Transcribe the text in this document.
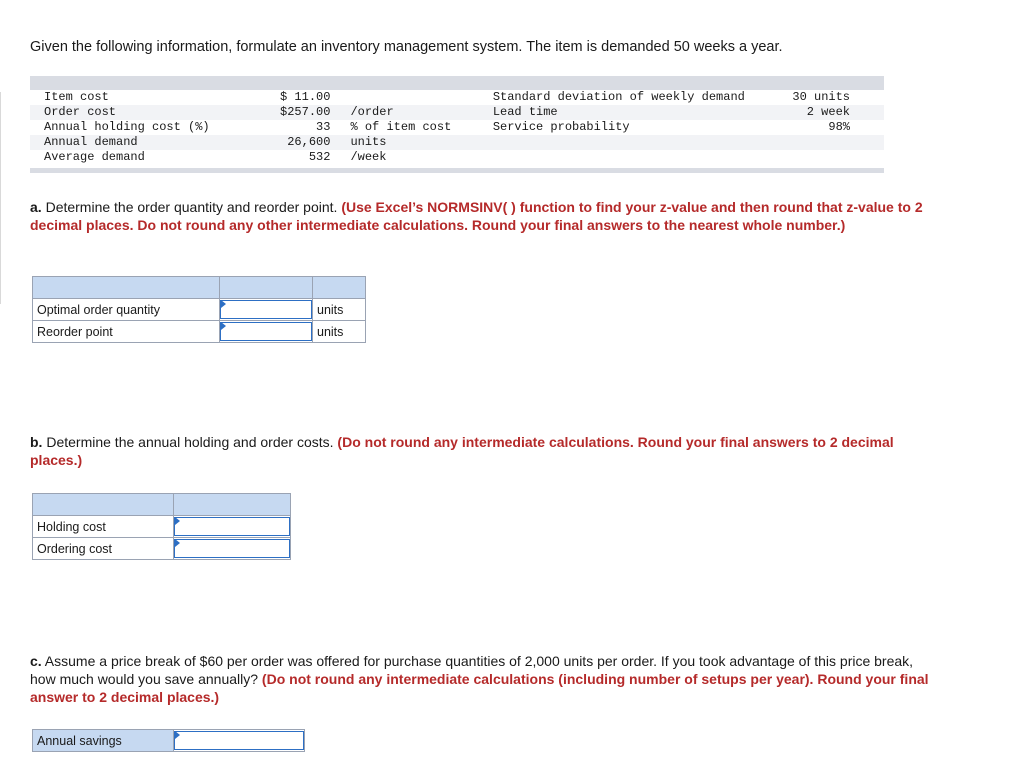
Given the following information, formulate an inventory management system. The item is demanded 50 weeks a year.
Item cost	$ 11.00		Standard deviation of weekly demand	30 units
Order cost	$257.00	/order	Lead time	2 week
Annual holding cost (%)	33	% of item cost	Service probability	98%
Annual demand	26,600	units		
Average demand	532	/week		
a. Determine the order quantity and reorder point. (Use Excel’s NORMSINV( ) function to find your z-value and then round that z-value to 2 decimal places. Do not round any other intermediate calculations. Round your final answers to the nearest whole number.)

Optimal order quantity		units
Reorder point		units
b. Determine the annual holding and order costs. (Do not round any intermediate calculations. Round your final answers to 2 decimal places.)

Holding cost	

Ordering cost	
c. Assume a price break of $60 per order was offered for purchase quantities of 2,000 units per order. If you took advantage of this price break, how much would you save annually? (Do not round any intermediate calculations (including number of setups per year). Round your final answer to 2 decimal places.)
Annual savings	
